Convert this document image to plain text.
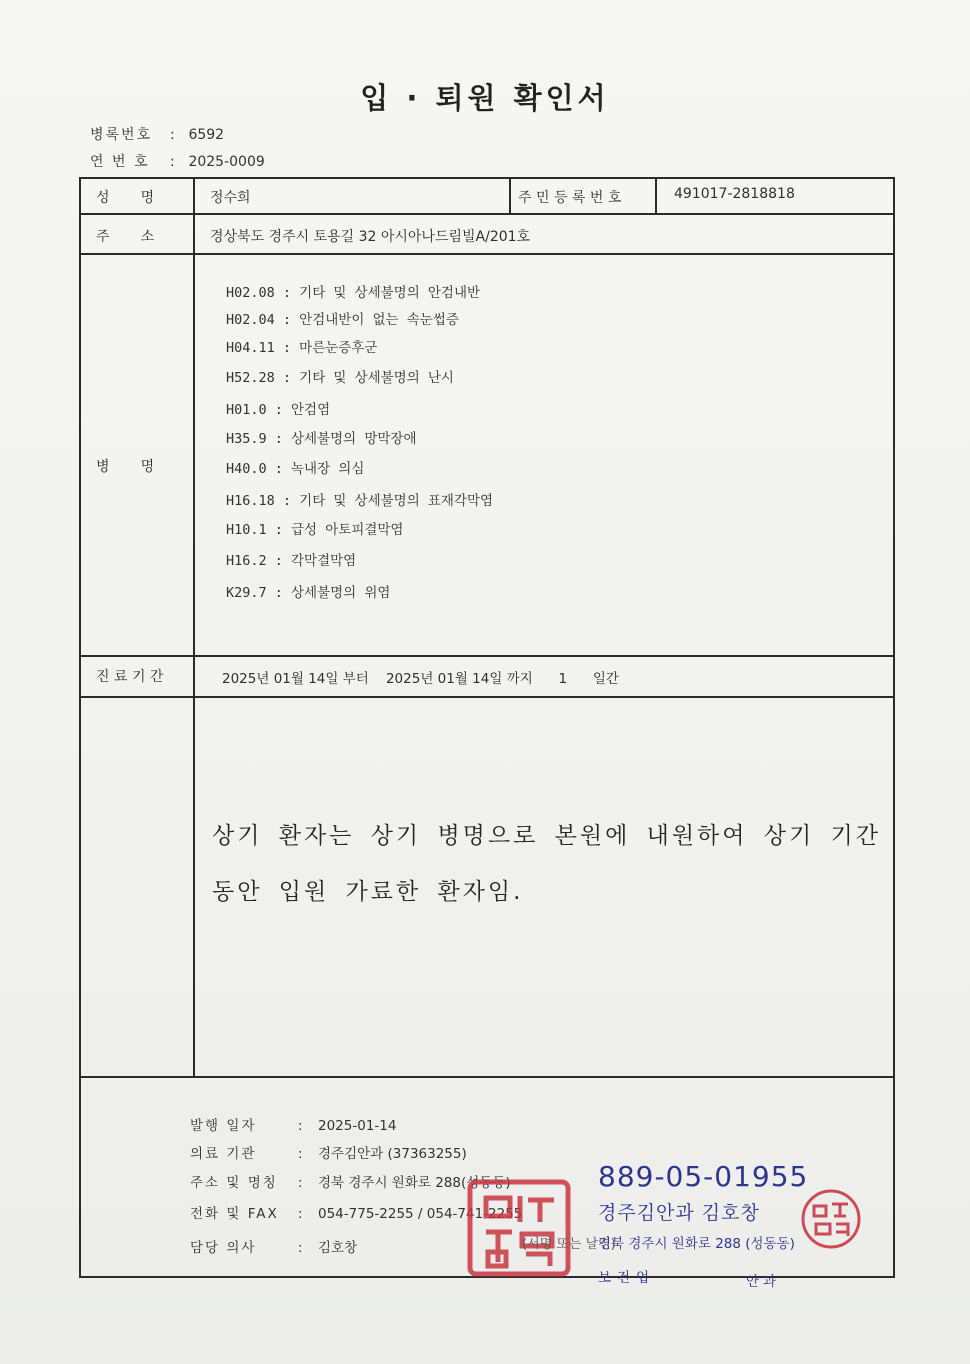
입 · 퇴원 확인서
병록번호 : 6592
연 번 호 : 2025-0009
성       명	정수희	주 민 등 록 번 호	491017-2818818
주       소	경상북도 경주시 토용길 32 아시아나드림빌A/201호
병       명
H02.08 : 기타 및 상세불명의 안검내반
H02.04 : 안검내반이 없는 속눈썹증
H04.11 : 마른눈증후군
H52.28 : 기타 및 상세불명의 난시
H01.0 : 안검염
H35.9 : 상세불명의 망막장애
H40.0 : 녹내장 의심
H16.18 : 기타 및 상세불명의 표재각막염
H10.1 : 급성 아토피결막염
H16.2 : 각막결막염
K29.7 : 상세불명의 위염
진 료 기 간	2025년 01월 14일 부터    2025년 01월 14일 까지      1      일간
상기 환자는 상기 병명으로 본원에 내원하여 상기 기간 동안 입원 가료한 환자임.
발행 일자	: 2025-01-14
의료 기관	: 경주김안과 (37363255)
주소 및 명칭 : 경북 경주시 원화로 288(성동동)
전화 및 FAX : 054-775-2255 / 054-741-2255
담당 의사	: 김호창	(서명 또는 날인)
889-05-01955
경주김안과 김호창
경북 경주시 원화로 288 (성동동)
보건업	안과
